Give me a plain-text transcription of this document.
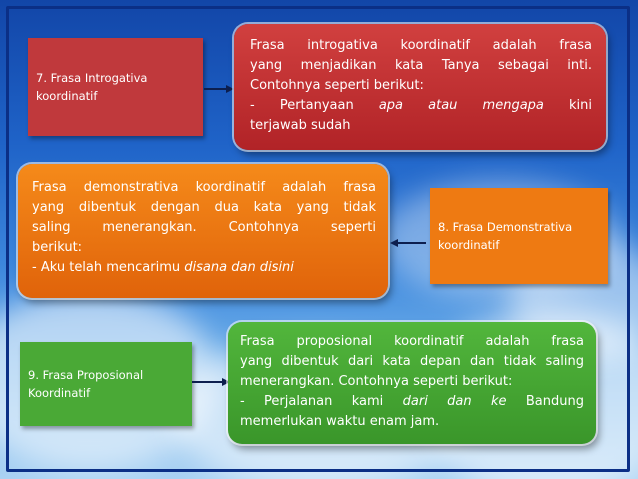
7. Frasa Introgativa
koordinatif
Frasa introgativa koordinatif adalah frasa
yang menjadikan kata Tanya sebagai inti.
Contohnya seperti berikut:
- Pertanyaan apa atau mengapa kini
terjawab sudah
Frasa demonstrativa koordinatif adalah frasa
yang dibentuk dengan dua kata yang tidak
saling menerangkan. Contohnya seperti
berikut:
- Aku telah mencarimu disana dan disini
8. Frasa Demonstrativa
koordinatif
9. Frasa Proposional
Koordinatif
Frasa proposional koordinatif adalah frasa
yang dibentuk dari kata depan dan tidak saling
menerangkan. Contohnya seperti berikut:
- Perjalanan kami dari dan ke Bandung
memerlukan waktu enam jam.
